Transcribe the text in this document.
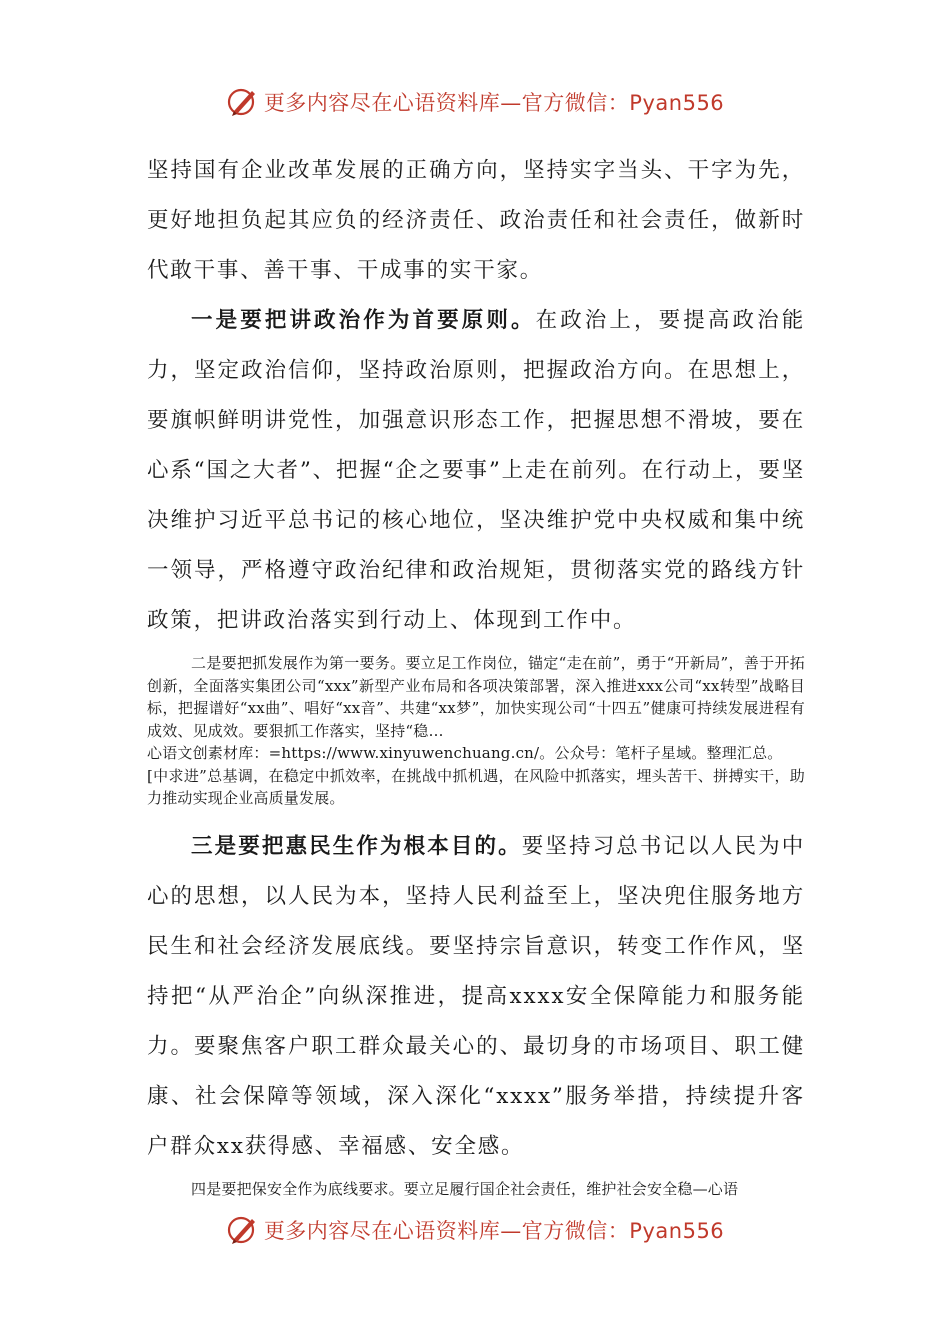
更多内容尽在心语资料库—官方微信：Pyan556

坚持国有企业改革发展的正确方向，坚持实字当头、干字为先，更好地担负起其应负的经济责任、政治责任和社会责任，做新时代敢干事、善干事、干成事的实干家。

一是要把讲政治作为首要原则。在政治上，要提高政治能力，坚定政治信仰，坚持政治原则，把握政治方向。在思想上，要旗帜鲜明讲党性，加强意识形态工作，把握思想不滑坡，要在心系“国之大者”、把握“企之要事”上走在前列。在行动上，要坚决维护习近平总书记的核心地位，坚决维护党中央权威和集中统一领导，严格遵守政治纪律和政治规矩，贯彻落实党的路线方针政策，把讲政治落实到行动上、体现到工作中。

二是要把抓发展作为第一要务。要立足工作岗位，锚定“走在前”，勇于“开新局”，善于开拓创新，全面落实集团公司“xxx”新型产业布局和各项决策部署，深入推进xxx公司“xx转型”战略目标，把握谱好“xx曲”、唱好“xx音”、共建“xx梦”，加快实现公司“十四五”健康可持续发展进程有成效、见成效。要狠抓工作落实，坚持“稳…

心语文创素材库：=https://www.xinyuwenchuang.cn/。公众号：笔杆子星域。整理汇总。

[中求进”总基调，在稳定中抓效率，在挑战中抓机遇，在风险中抓落实，埋头苦干、拼搏实干，助力推动实现企业高质量发展。

三是要把惠民生作为根本目的。要坚持习总书记以人民为中心的思想，以人民为本，坚持人民利益至上，坚决兜住服务地方民生和社会经济发展底线。要坚持宗旨意识，转变工作作风，坚持把“从严治企”向纵深推进，提高xxxx安全保障能力和服务能力。要聚焦客户职工群众最关心的、最切身的市场项目、职工健康、社会保障等领域，深入深化“xxxx”服务举措，持续提升客户群众xx获得感、幸福感、安全感。

四是要把保安全作为底线要求。要立足履行国企社会责任，维护社会安全稳—心语

更多内容尽在心语资料库—官方微信：Pyan556
